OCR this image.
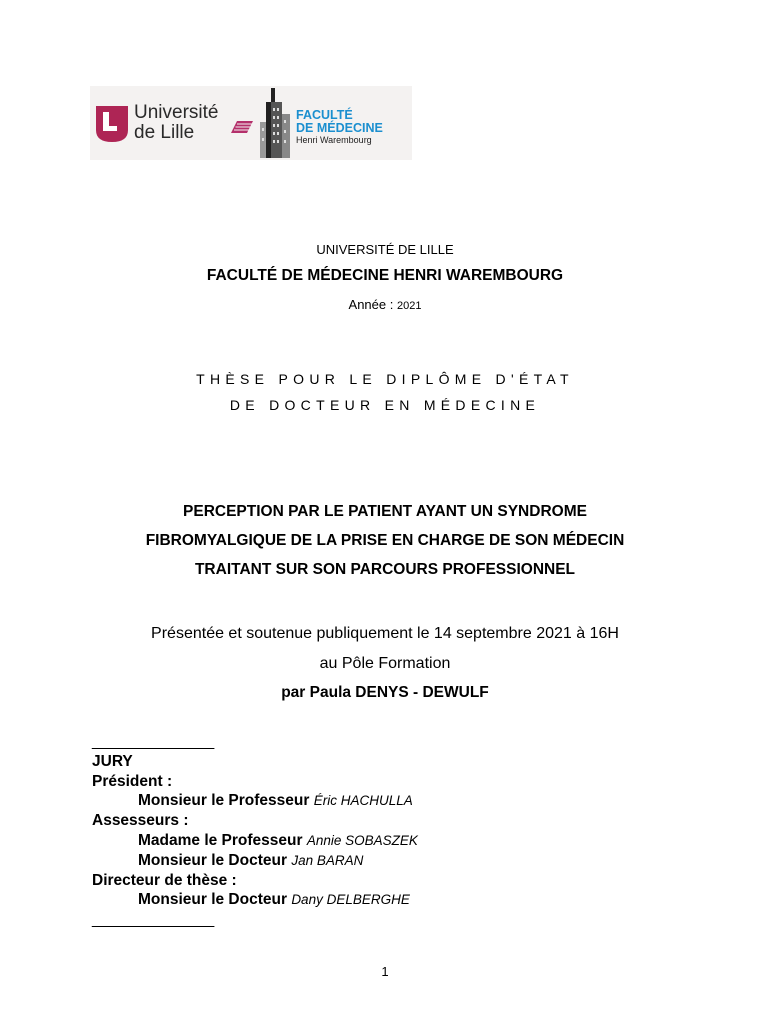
Université
de Lille
FACULTÉ
DE MÉDECINE
Henri Warembourg
UNIVERSITÉ DE LILLE
FACULTÉ DE MÉDECINE HENRI WAREMBOURG
Année : 2021
THÈSE POUR LE DIPLÔME D'ÉTAT
DE DOCTEUR EN MÉDECINE
PERCEPTION PAR LE PATIENT AYANT UN SYNDROME
FIBROMYALGIQUE DE LA PRISE EN CHARGE DE SON MÉDECIN
TRAITANT SUR SON PARCOURS PROFESSIONNEL
Présentée et soutenue publiquement le 14 septembre 2021 à 16H
au Pôle Formation
par Paula DENYS - DEWULF
_______________
JURY
Président :
Monsieur le Professeur Éric HACHULLA
Assesseurs :
Madame le Professeur Annie SOBASZEK
Monsieur le Docteur Jan BARAN
Directeur de thèse :
Monsieur le Docteur Dany DELBERGHE
_______________
1
